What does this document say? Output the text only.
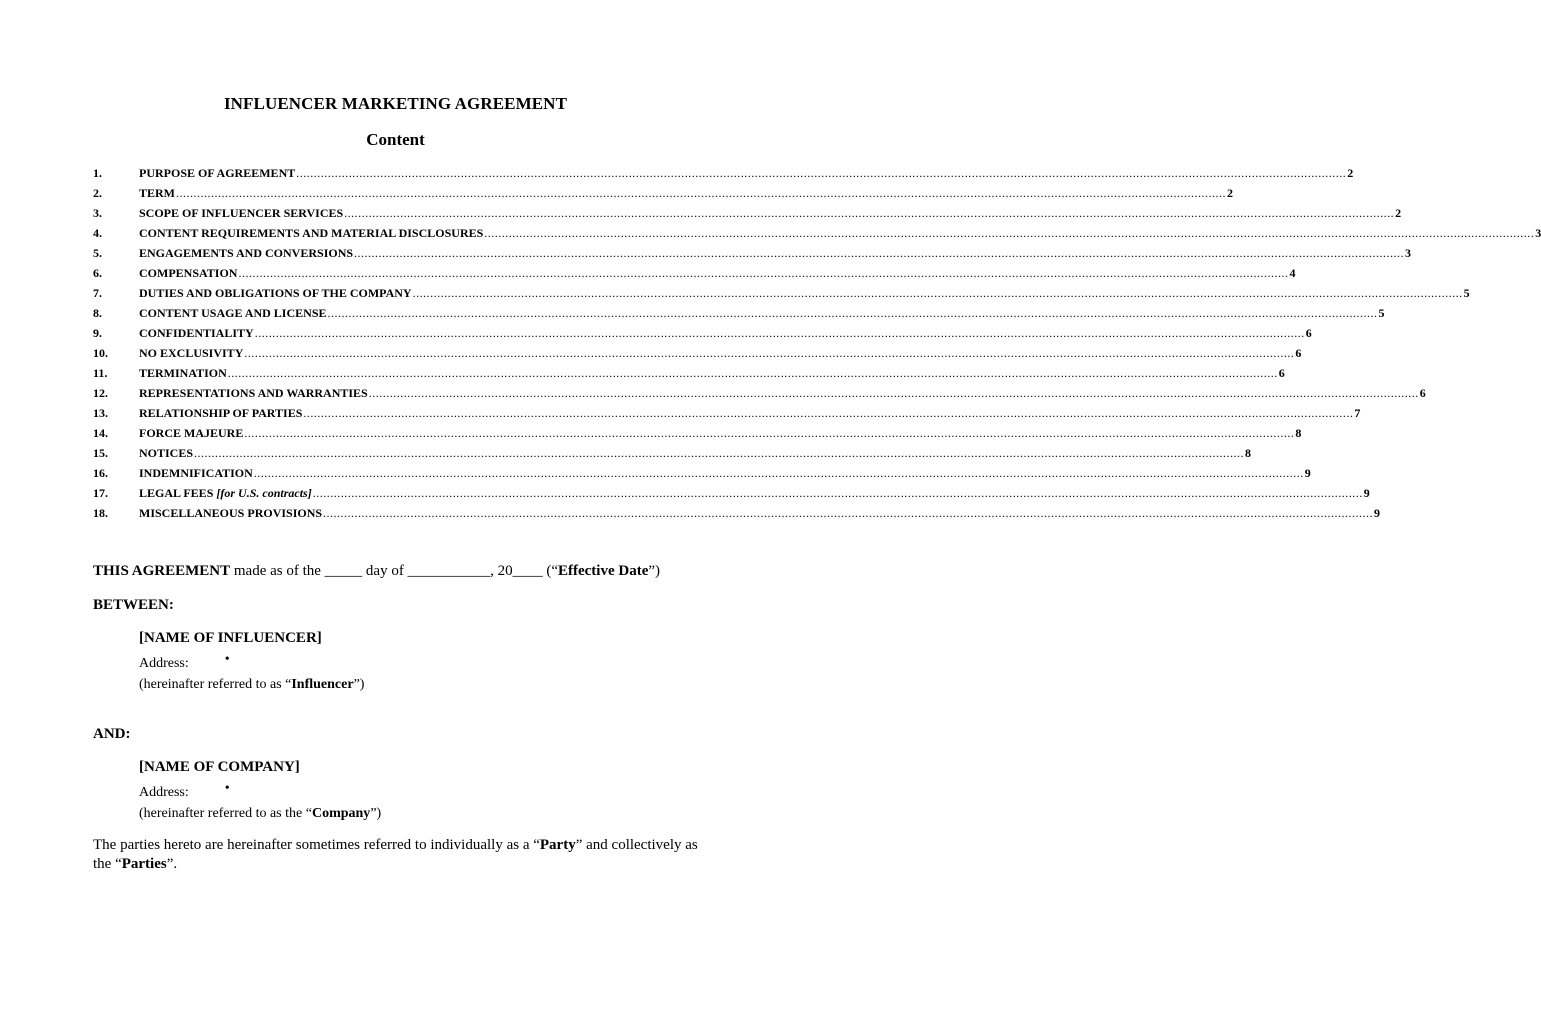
INFLUENCER MARKETING AGREEMENT
Content
1.	PURPOSE OF AGREEMENT ............................................................................................................................................................................................................................................................................................................ 2
2.	TERM ............................................................................................................................................................................................................................................................................................................ 2
3.	SCOPE OF INFLUENCER SERVICES ............................................................................................................................................................................................................................................................................................................ 2
4.	CONTENT REQUIREMENTS AND MATERIAL DISCLOSURES ............................................................................................................................................................................................................................................................................................................ 3
5.	ENGAGEMENTS AND CONVERSIONS ............................................................................................................................................................................................................................................................................................................ 3
6.	COMPENSATION ............................................................................................................................................................................................................................................................................................................ 4
7.	DUTIES AND OBLIGATIONS OF THE COMPANY ............................................................................................................................................................................................................................................................................................................ 5
8.	CONTENT USAGE AND LICENSE ............................................................................................................................................................................................................................................................................................................ 5
9.	CONFIDENTIALITY ............................................................................................................................................................................................................................................................................................................ 6
10.	NO EXCLUSIVITY ............................................................................................................................................................................................................................................................................................................ 6
11.	TERMINATION ............................................................................................................................................................................................................................................................................................................ 6
12.	REPRESENTATIONS AND WARRANTIES ............................................................................................................................................................................................................................................................................................................ 6
13.	RELATIONSHIP OF PARTIES ............................................................................................................................................................................................................................................................................................................ 7
14.	FORCE MAJEURE ............................................................................................................................................................................................................................................................................................................ 8
15.	NOTICES ............................................................................................................................................................................................................................................................................................................ 8
16.	INDEMNIFICATION ............................................................................................................................................................................................................................................................................................................ 9
17.	LEGAL FEES [for U.S. contracts] ............................................................................................................................................................................................................................................................................................................ 9
18.	MISCELLANEOUS PROVISIONS ............................................................................................................................................................................................................................................................................................................ 9
THIS AGREEMENT made as of the _____ day of ___________, 20____ (“Effective Date”)
BETWEEN:
[NAME OF INFLUENCER]
Address:	•
(hereinafter referred to as “Influencer”)
AND:
[NAME OF COMPANY]
Address:	•
(hereinafter referred to as the “Company”)
The parties hereto are hereinafter sometimes referred to individually as a “Party” and collectively as the “Parties”.
